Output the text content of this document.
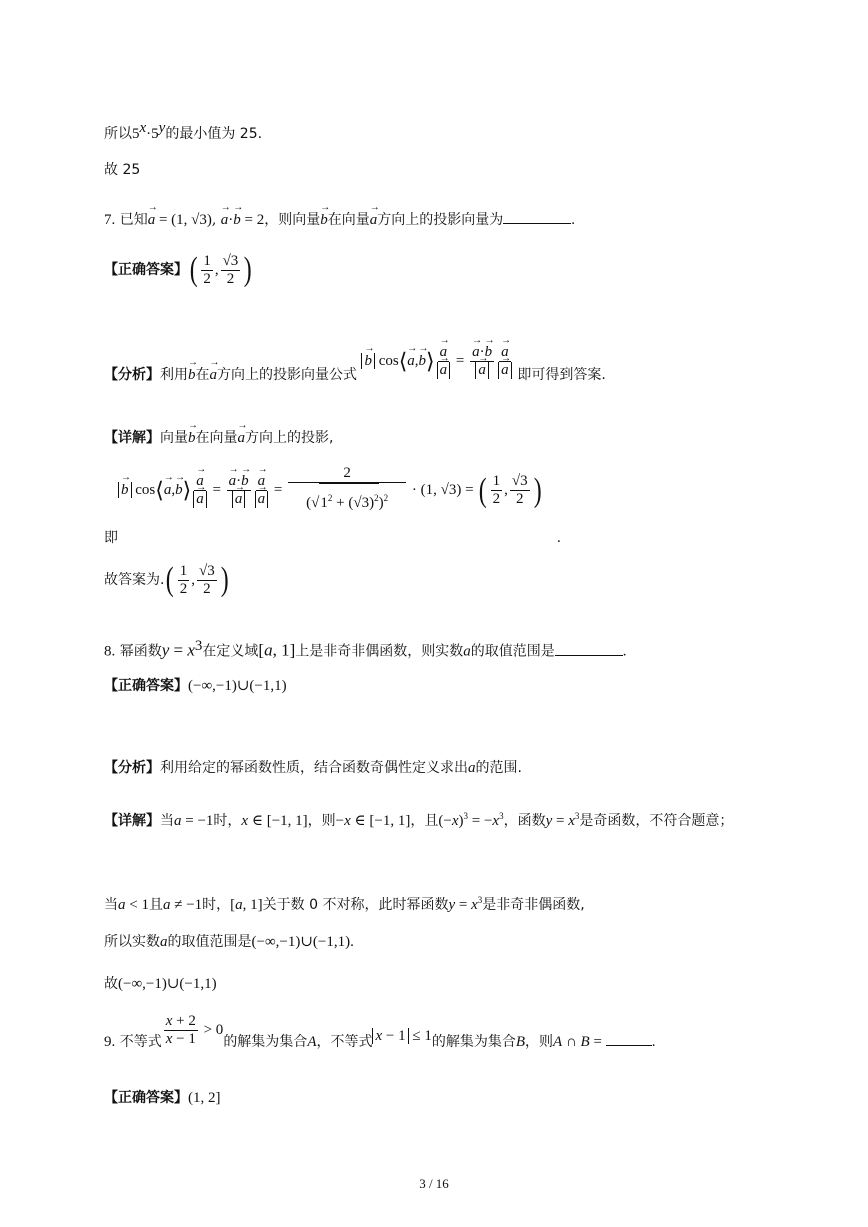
所以$5^x\cdot 5^y$的最小值为 25.
故 25
7. 已知→ a = (1, √3), → a·→ b = 2，则向量→ b在向量→ a方向上的投影向量为	.
【正确答案】( $\frac{1}{2}$ , $\frac{√3}{2}$ )
【分析】利用→ b在→ a方向上的投影向量公式 → b cos⟨→ a,→ b⟩ → a
→ a = → a·→ b
→ a → a
→ a 即可得到答案.
【详解】向量→ b在向量→ a方向上的投影,
→ b cos⟨→ a,→ b⟩ → a
→ a = → a·→ b
→ a → a
→ $a = \frac{2}{(√1^2 + (√3)^2)^2} \cdot (1$, √3) = ( $\frac{1}{2}$ , $\frac{√3}{2}$ )
即	.
故答案为.( $\frac{1}{2}$ , $\frac{√3}{2}$ )
8. 幂函数$y = x^3$在定义域[a, 1]上是非奇非偶函数，则实数a的取值范围是	.
【正确答案】(−∞,−1)∪(−1,1)
【分析】利用给定的幂函数性质，结合函数奇偶性定义求出a的范围.
【详解】当a = −1时，x ∈ [−1, 1]，则−x ∈ [−1, 1]，且$(-x)^3 = -x^3$，函数$y = x^3$是奇函数，不符合题意；
当a < 1且a ≠ −1时，[a, 1]关于数 0 不对称，此时幂函数$y = x^3$是非奇非偶函数,
所以实数a的取值范围是(−∞,−1)∪(−1,1).
故(−∞,−1)∪(−1,1)
9. 不等式 $\frac{x + 2}{x - 1} > 0$的解集为集合A，不等式 x − 1 ≤ 1的解集为集合B，则A ∩ B =	.
【正确答案】(1, 2]
3 / 16
